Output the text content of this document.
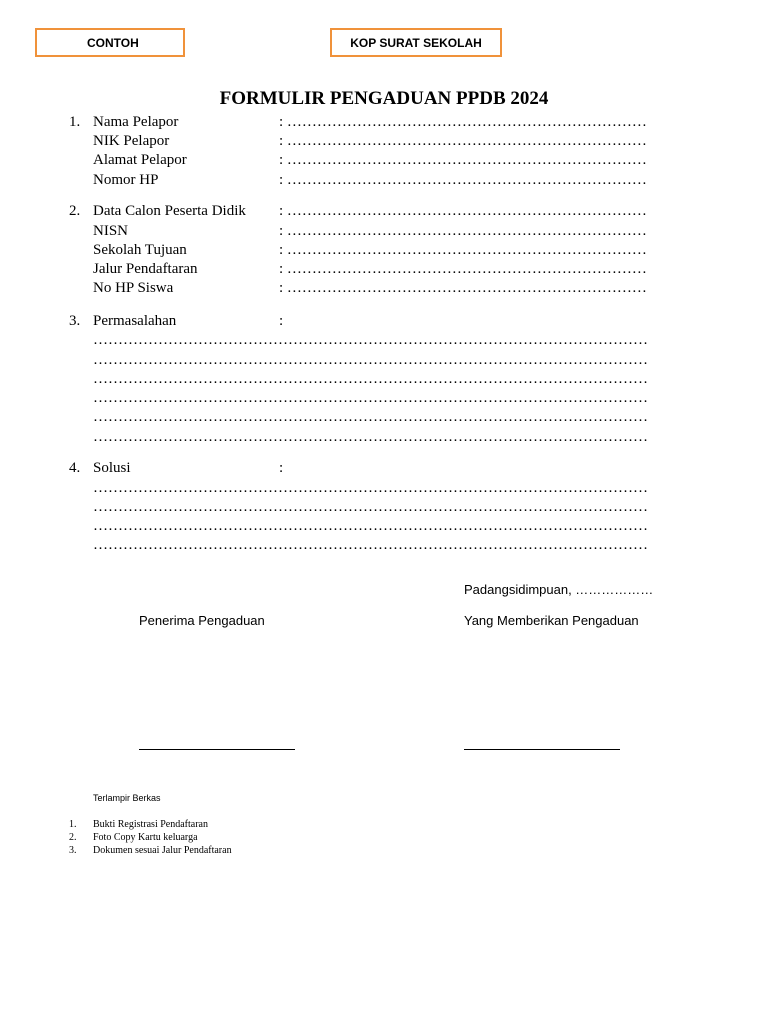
CONTOH	KOP SURAT SEKOLAH
FORMULIR PENGADUAN PPDB 2024
1. Nama Pelapor	: ………………………………………………………………
NIK Pelapor	: ………………………………………………………………
Alamat Pelapor	: ………………………………………………………………
Nomor HP	: ………………………………………………………………
2. Data Calon Peserta Didik : ………………………………………………………………
NISN	: ………………………………………………………………
Sekolah Tujuan	: ………………………………………………………………
Jalur Pendaftaran	: ………………………………………………………………
No HP Siswa	: ………………………………………………………………
3. Permasalahan	:
…………………………………………………………………………………………………
…………………………………………………………………………………………………
…………………………………………………………………………………………………
…………………………………………………………………………………………………
…………………………………………………………………………………………………
…………………………………………………………………………………………………
4. Solusi	:
…………………………………………………………………………………………………
…………………………………………………………………………………………………
…………………………………………………………………………………………………
…………………………………………………………………………………………………
Padangsidimpuan, ………………
Penerima Pengaduan	Yang Memberikan Pengaduan
Terlampir Berkas
1. Bukti Registrasi Pendaftaran
2. Foto Copy Kartu keluarga
3. Dokumen sesuai Jalur Pendaftaran
